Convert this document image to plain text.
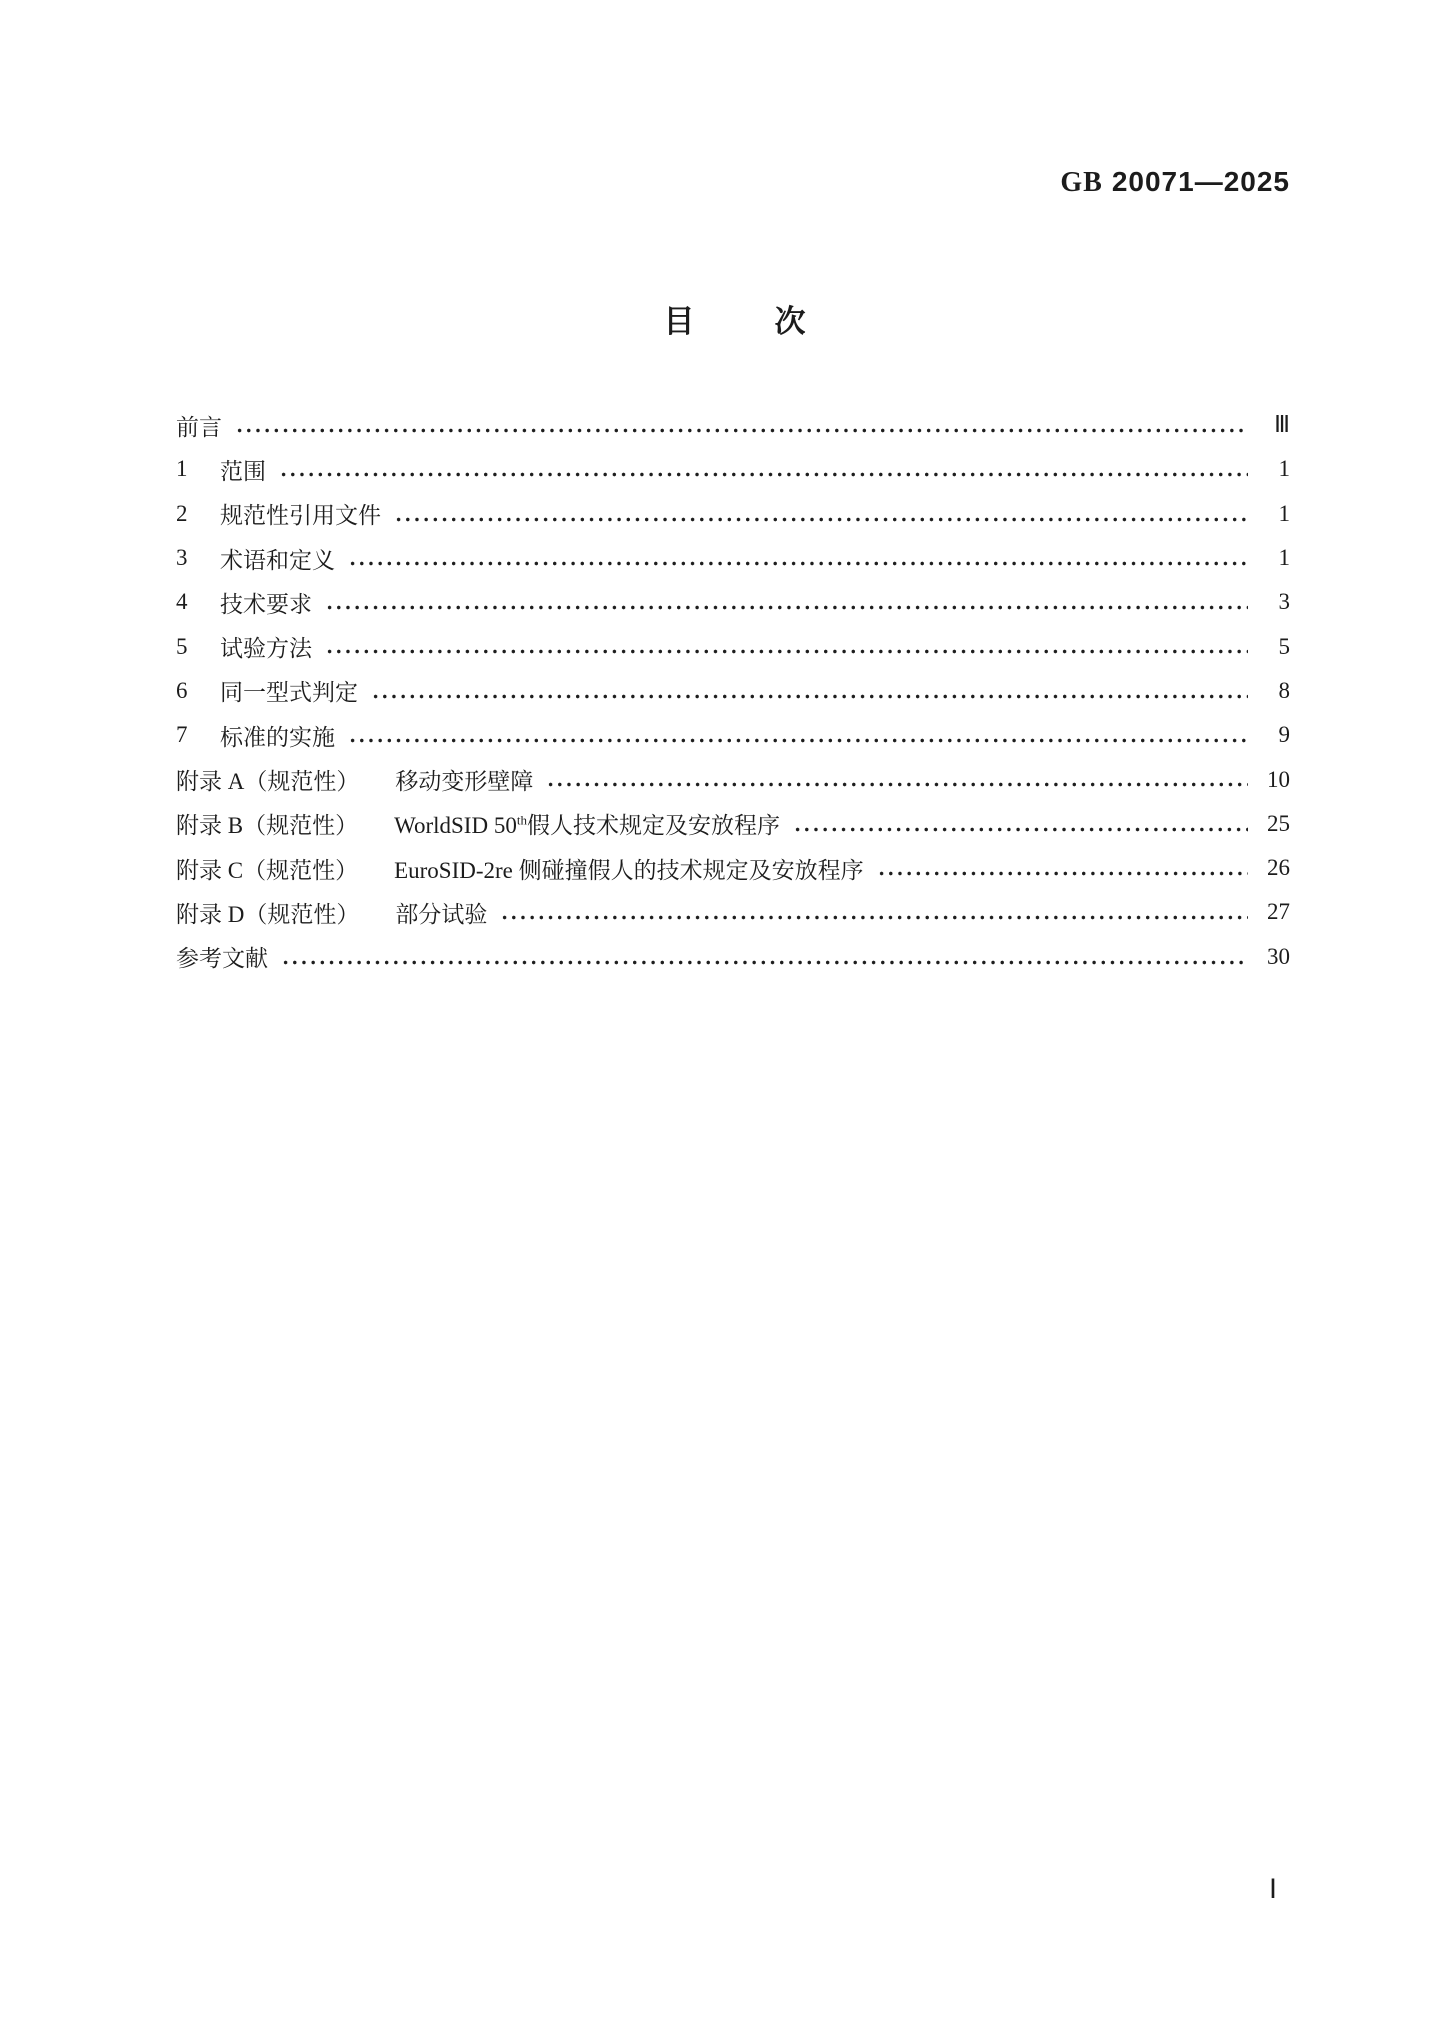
GB 20071—2025
目次
前言	Ⅲ
1	范围	1
2	规范性引用文件	1
3	术语和定义	1
4	技术要求	3
5	试验方法	5
6	同一型式判定	8
7	标准的实施	9
附录 A（规范性） 移动变形壁障	10
附录 B（规范性） WorldSID 50th假人技术规定及安放程序	25
附录 C（规范性） EuroSID-2re 侧碰撞假人的技术规定及安放程序	26
附录 D（规范性） 部分试验	27
参考文献	30
Ⅰ
